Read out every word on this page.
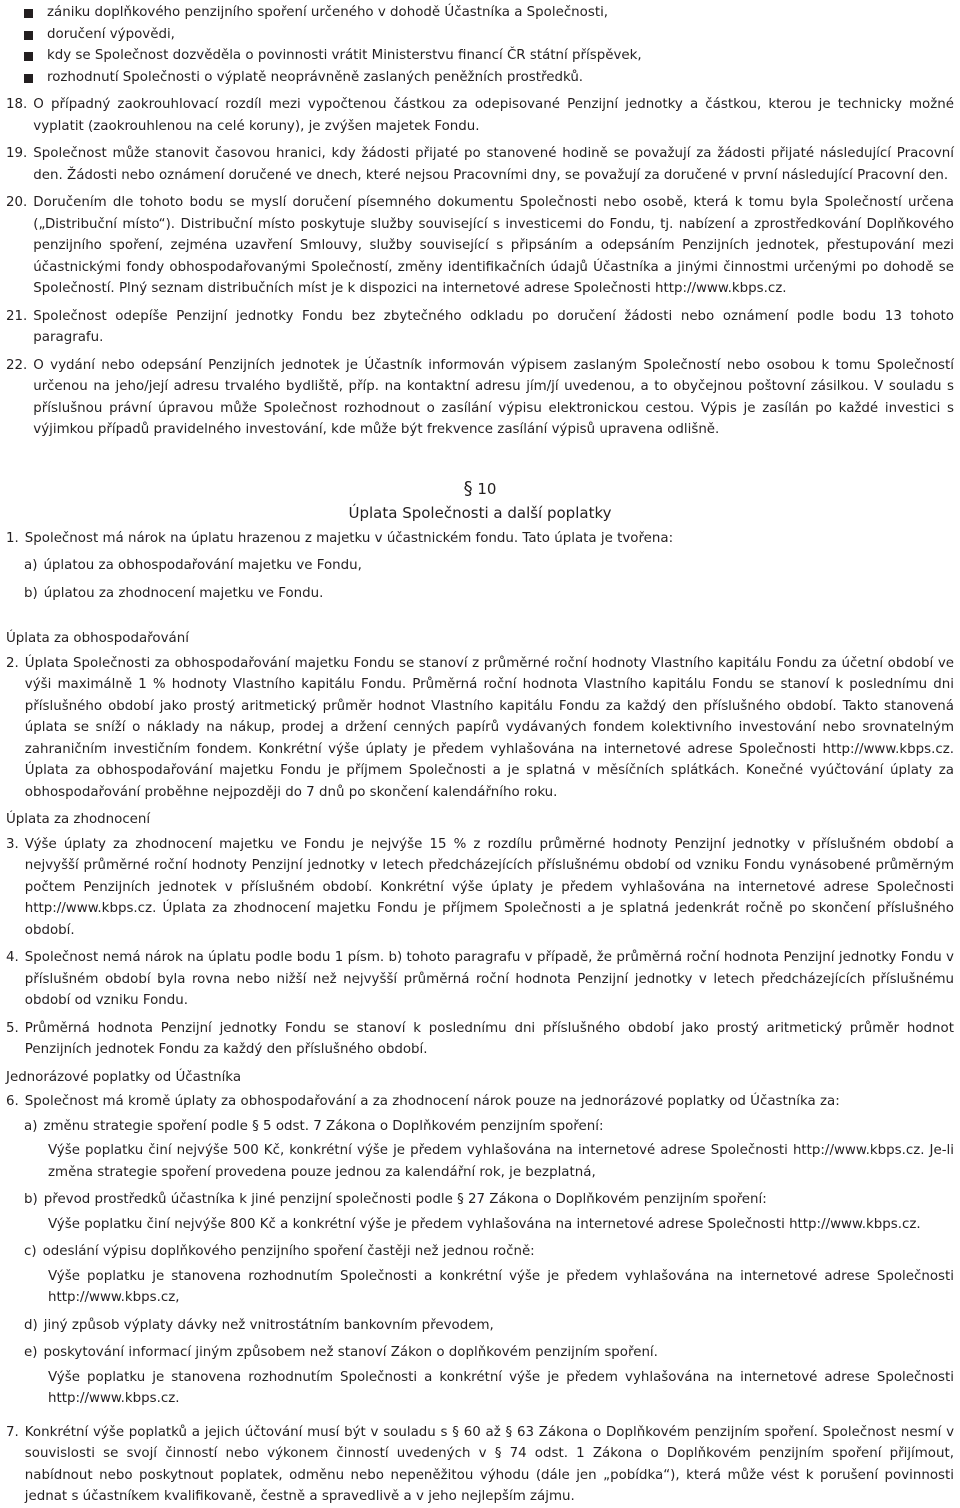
zániku doplňkového penzijního spoření určeného v dohodě Účastníka a Společnosti,
doručení výpovědi,
kdy se Společnost dozvěděla o povinnosti vrátit Ministerstvu financí ČR státní příspěvek,
rozhodnutí Společnosti o výplatě neoprávněně zaslaných peněžních prostředků.
18. O případný zaokrouhlovací rozdíl mezi vypočtenou částkou za odepisované Penzijní jednotky a částkou, kterou je technicky možné vyplatit (zaokrouhlenou na celé koruny), je zvýšen majetek Fondu.
19. Společnost může stanovit časovou hranici, kdy žádosti přijaté po stanovené hodině se považují za žádosti přijaté následující Pracovní den. Žádosti nebo oznámení doručené ve dnech, které nejsou Pracovními dny, se považují za doručené v první následující Pracovní den.
20. Doručením dle tohoto bodu se myslí doručení písemného dokumentu Společnosti nebo osobě, která k tomu byla Společností určena („Distribuční místo“). Distribuční místo poskytuje služby související s investicemi do Fondu, tj. nabízení a zprostředkování Doplňkového penzijního spoření, zejména uzavření Smlouvy, služby související s připsáním a odepsáním Penzijních jednotek, přestupování mezi účastnickými fondy obhospodařovanými Společností, změny identifikačních údajů Účastníka a jinými činnostmi určenými po dohodě se Společností. Plný seznam distribučních míst je k dispozici na internetové adrese Společnosti http://www.kbps.cz.
21. Společnost odepíše Penzijní jednotky Fondu bez zbytečného odkladu po doručení žádosti nebo oznámení podle bodu 13 tohoto paragrafu.
22. O vydání nebo odepsání Penzijních jednotek je Účastník informován výpisem zaslaným Společností nebo osobou k tomu Společností určenou na jeho/její adresu trvalého bydliště, příp. na kontaktní adresu jím/jí uvedenou, a to obyčejnou poštovní zásilkou. V souladu s příslušnou právní úpravou může Společnost rozhodnout o zasílání výpisu elektronickou cestou. Výpis je zasílán po každé investici s výjimkou případů pravidelného investování, kde může být frekvence zasílání výpisů upravena odlišně.
§ 10
Úplata Společnosti a další poplatky
1. Společnost má nárok na úplatu hrazenou z majetku v účastnickém fondu. Tato úplata je tvořena:
a) úplatou za obhospodařování majetku ve Fondu,
b) úplatou za zhodnocení majetku ve Fondu.
Úplata za obhospodařování
2. Úplata Společnosti za obhospodařování majetku Fondu se stanoví z průměrné roční hodnoty Vlastního kapitálu Fondu za účetní období ve výši maximálně 1 % hodnoty Vlastního kapitálu Fondu. Průměrná roční hodnota Vlastního kapitálu Fondu se stanoví k poslednímu dni příslušného období jako prostý aritmetický průměr hodnot Vlastního kapitálu Fondu za každý den příslušného období. Takto stanovená úplata se sníží o náklady na nákup, prodej a držení cenných papírů vydávaných fondem kolektivního investování nebo srovnatelným zahraničním investičním fondem. Konkrétní výše úplaty je předem vyhlašována na internetové adrese Společnosti http://www.kbps.cz. Úplata za obhospodařování majetku Fondu je příjmem Společnosti a je splatná v měsíčních splátkách. Konečné vyúčtování úplaty za obhospodařování proběhne nejpozději do 7 dnů po skončení kalendářního roku.
Úplata za zhodnocení
3. Výše úplaty za zhodnocení majetku ve Fondu je nejvýše 15 % z rozdílu průměrné hodnoty Penzijní jednotky v příslušném období a nejvyšší průměrné roční hodnoty Penzijní jednotky v letech předcházejících příslušnému období od vzniku Fondu vynásobené průměrným počtem Penzijních jednotek v příslušném období. Konkrétní výše úplaty je předem vyhlašována na internetové adrese Společnosti http://www.kbps.cz. Úplata za zhodnocení majetku Fondu je příjmem Společnosti a je splatná jedenkrát ročně po skončení příslušného období.
4. Společnost nemá nárok na úplatu podle bodu 1 písm. b) tohoto paragrafu v případě, že průměrná roční hodnota Penzijní jednotky Fondu v příslušném období byla rovna nebo nižší než nejvyšší průměrná roční hodnota Penzijní jednotky v letech předcházejících příslušnému období od vzniku Fondu.
5. Průměrná hodnota Penzijní jednotky Fondu se stanoví k poslednímu dni příslušného období jako prostý aritmetický průměr hodnot Penzijních jednotek Fondu za každý den příslušného období.
Jednorázové poplatky od Účastníka
6. Společnost má kromě úplaty za obhospodařování a za zhodnocení nárok pouze na jednorázové poplatky od Účastníka za:
a) změnu strategie spoření podle § 5 odst. 7 Zákona o Doplňkovém penzijním spoření:
Výše poplatku činí nejvýše 500 Kč, konkrétní výše je předem vyhlašována na internetové adrese Společnosti http://www.kbps.cz. Je-li změna strategie spoření provedena pouze jednou za kalendářní rok, je bezplatná,
b) převod prostředků účastníka k jiné penzijní společnosti podle § 27 Zákona o Doplňkovém penzijním spoření:
Výše poplatku činí nejvýše 800 Kč a konkrétní výše je předem vyhlašována na internetové adrese Společnosti http://www.kbps.cz.
c) odeslání výpisu doplňkového penzijního spoření častěji než jednou ročně:
Výše poplatku je stanovena rozhodnutím Společnosti a konkrétní výše je předem vyhlašována na internetové adrese Společnosti http://www.kbps.cz,
d) jiný způsob výplaty dávky než vnitrostátním bankovním převodem,
e) poskytování informací jiným způsobem než stanoví Zákon o doplňkovém penzijním spoření.
Výše poplatku je stanovena rozhodnutím Společnosti a konkrétní výše je předem vyhlašována na internetové adrese Společnosti http://www.kbps.cz.
7. Konkrétní výše poplatků a jejich účtování musí být v souladu s § 60 až § 63 Zákona o Doplňkovém penzijním spoření. Společnost nesmí v souvislosti se svojí činností nebo výkonem činností uvedených v § 74 odst. 1 Zákona o Doplňkovém penzijním spoření přijímout, nabídnout nebo poskytnout poplatek, odměnu nebo nepeněžitou výhodu (dále jen „pobídka“), která může vést k porušení povinnosti jednat s účastníkem kvalifikovaně, čestně a spravedlivě a v jeho nejlepším zájmu.
